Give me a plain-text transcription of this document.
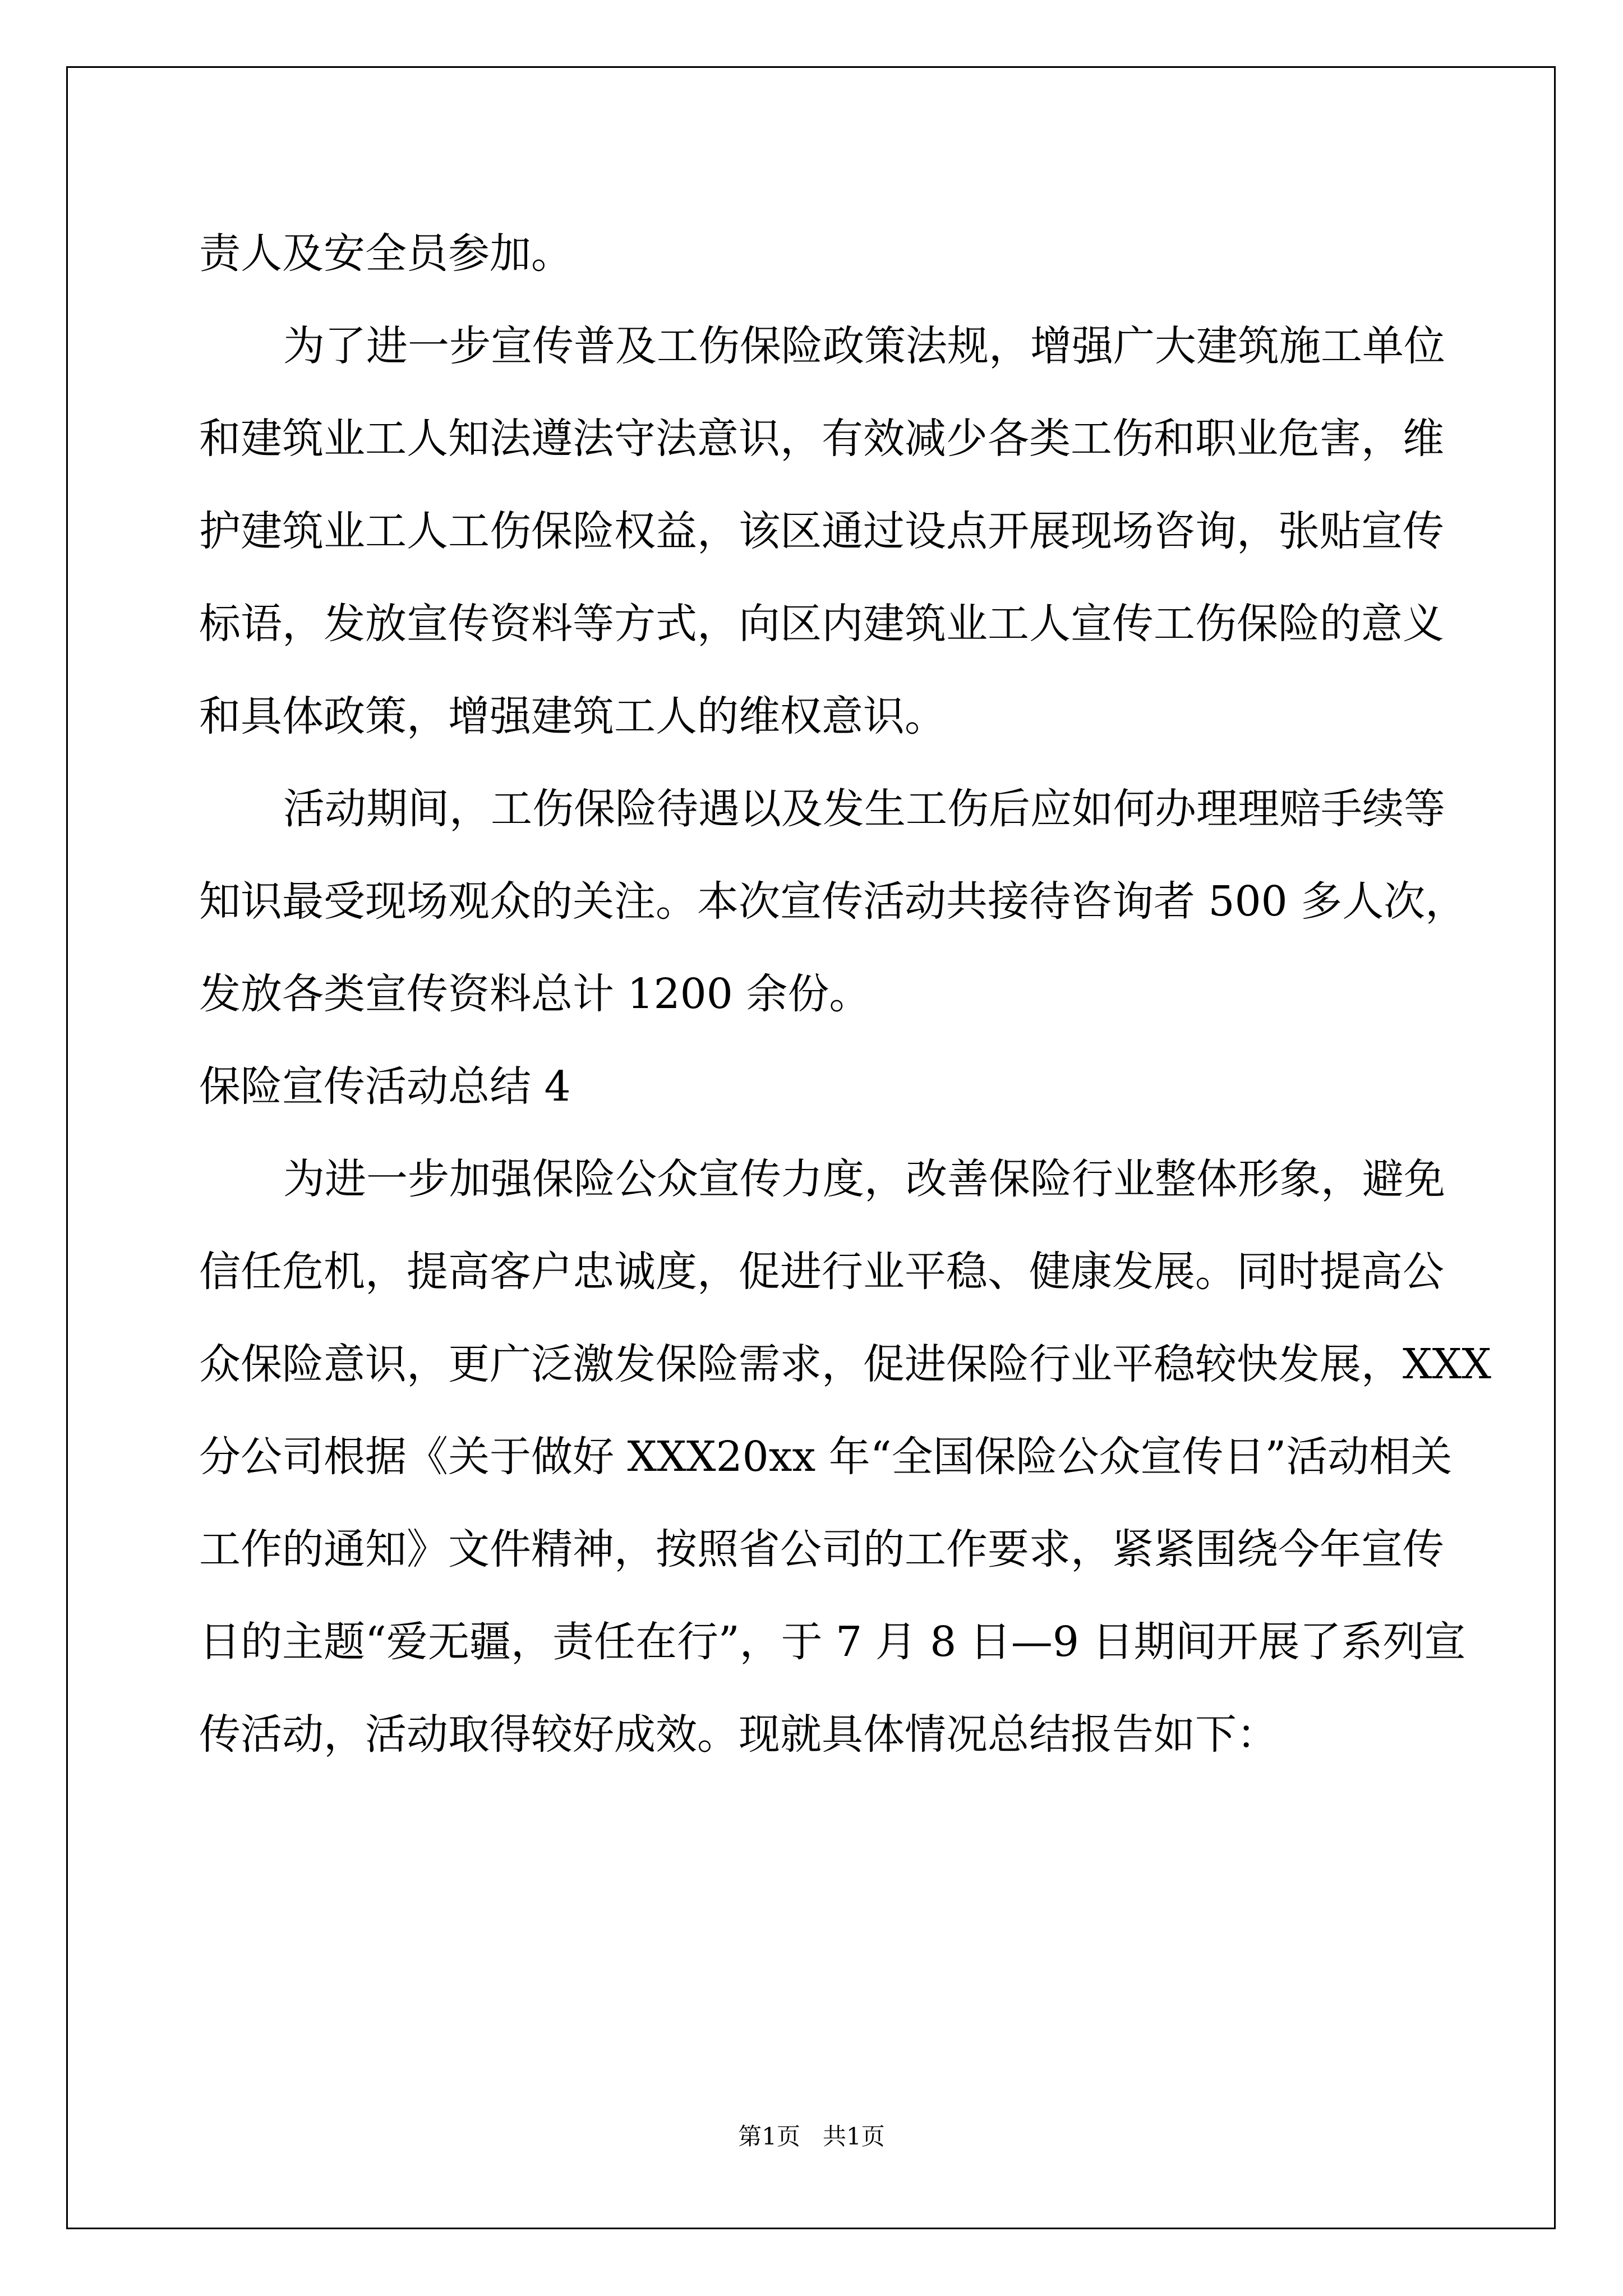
责人及安全员参加。
为了进一步宣传普及工伤保险政策法规，增强广大建筑施工单位
和建筑业工人知法遵法守法意识，有效减少各类工伤和职业危害，维
护建筑业工人工伤保险权益，该区通过设点开展现场咨询，张贴宣传
标语，发放宣传资料等方式，向区内建筑业工人宣传工伤保险的意义
和具体政策，增强建筑工人的维权意识。
活动期间，工伤保险待遇以及发生工伤后应如何办理理赔手续等
知识最受现场观众的关注。本次宣传活动共接待咨询者 500 多人次，
发放各类宣传资料总计 1200 余份。
保险宣传活动总结 4
为进一步加强保险公众宣传力度，改善保险行业整体形象，避免
信任危机，提高客户忠诚度，促进行业平稳、健康发展。同时提高公
众保险意识，更广泛激发保险需求，促进保险行业平稳较快发展，XXX
分公司根据《关于做好 XXX20xx 年“全国保险公众宣传日”活动相关
工作的通知》文件精神，按照省公司的工作要求，紧紧围绕今年宣传
日的主题“爱无疆，责任在行”，于 7 月 8 日—9 日期间开展了系列宣
传活动，活动取得较好成效。现就具体情况总结报告如下：
第1页   共1页
